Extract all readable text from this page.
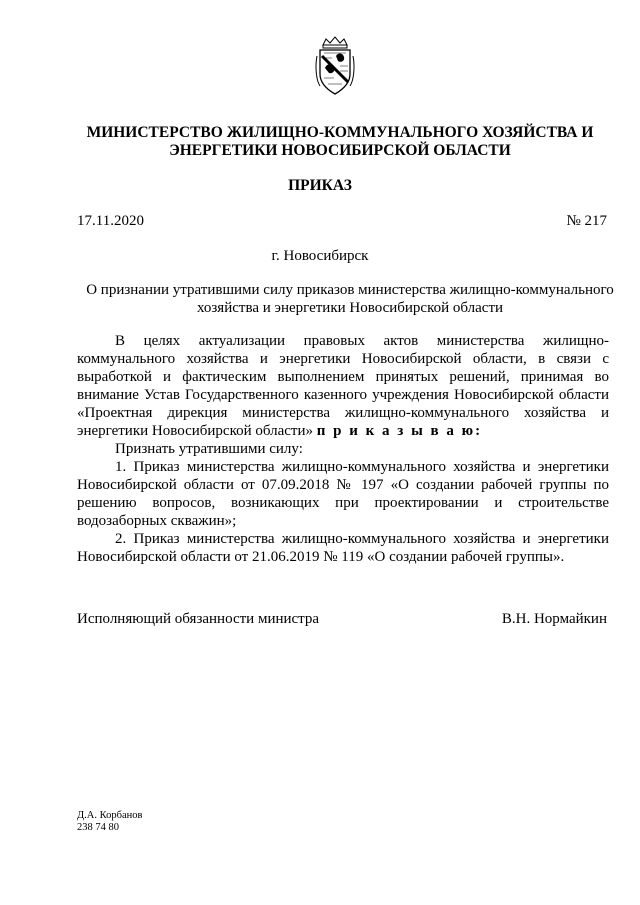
МИНИСТЕРСТВО ЖИЛИЩНО-КОММУНАЛЬНОГО ХОЗЯЙСТВА И
ЭНЕРГЕТИКИ НОВОСИБИРСКОЙ ОБЛАСТИ
ПРИКАЗ
17.11.2020	№ 217
г. Новосибирск
О признании утратившими силу приказов министерства жилищно-коммунального
хозяйства и энергетики Новосибирской области

В целях актуализации правовых актов министерства жилищно-коммунального хозяйства и энергетики Новосибирской области, в связи с выработкой и фактическим выполнением принятых решений, принимая во внимание Устав Государственного казенного учреждения Новосибирской области «Проектная дирекция министерства жилищно-коммунального хозяйства и энергетики Новосибирской области» п р и к а з ы в а ю:

Признать утратившими силу:

1. Приказ министерства жилищно-коммунального хозяйства и энергетики Новосибирской области от 07.09.2018 № 197 «О создании рабочей группы по решению вопросов, возникающих при проектировании и строительстве водозаборных скважин»;

2. Приказ министерства жилищно-коммунального хозяйства и энергетики Новосибирской области от 21.06.2019 № 119 «О создании рабочей группы».

Исполняющий обязанности министра	В.Н. Нормайкин
Д.А. Корбанов
238 74 80
